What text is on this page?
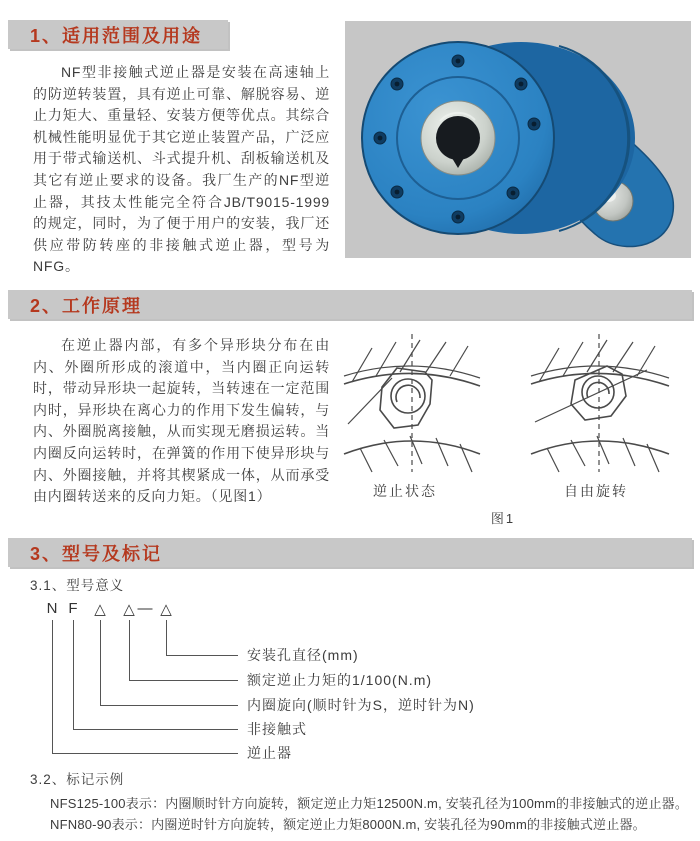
1、适用范围及用途
NF型非接触式逆止器是安装在高速轴上的防逆转装置，具有逆止可靠、解脱容易、逆止力矩大、重量轻、安装方便等优点。其综合机械性能明显优于其它逆止装置产品，广泛应用于带式输送机、斗式提升机、刮板输送机及其它有逆止要求的设备。我厂生产的NF型逆止器，其技太性能完全符合JB/T9015-1999的规定，同时，为了便于用户的安装，我厂还供应带防转座的非接触式逆止器，型号为NFG。
2、工作原理
在逆止器内部，有多个异形块分布在由内、外圈所形成的滚道中，当内圈正向运转时，带动异形块一起旋转，当转速在一定范围内时，异形块在离心力的作用下发生偏转，与内、外圈脱离接触，从而实现无磨损运转。当内圈反向运转时，在弹簧的作用下使异形块与内、外圈接触，并将其楔紧成一体，从而承受由内圈转送来的反向力矩。（见图1）	逆止状态	自由旋转
图1
3、型号及标记
3.1、型号意义
N F	△	△ — △
安装孔直径(mm)
额定逆止力矩的1/100(N.m)
内圈旋向(顺时针为S，逆时针为N)
非接触式
逆止器
3.2、标记示例
NFS125-100表示：内圈顺时针方向旋转，额定逆止力矩12500N.m, 安装孔径为100mm的非接触式的逆止器。
NFN80-90表示：内圈逆时针方向旋转，额定逆止力矩8000N.m, 安装孔径为90mm的非接触式逆止器。
